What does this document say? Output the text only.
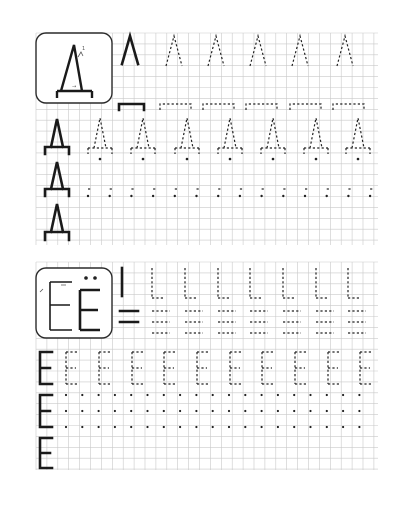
1
→
